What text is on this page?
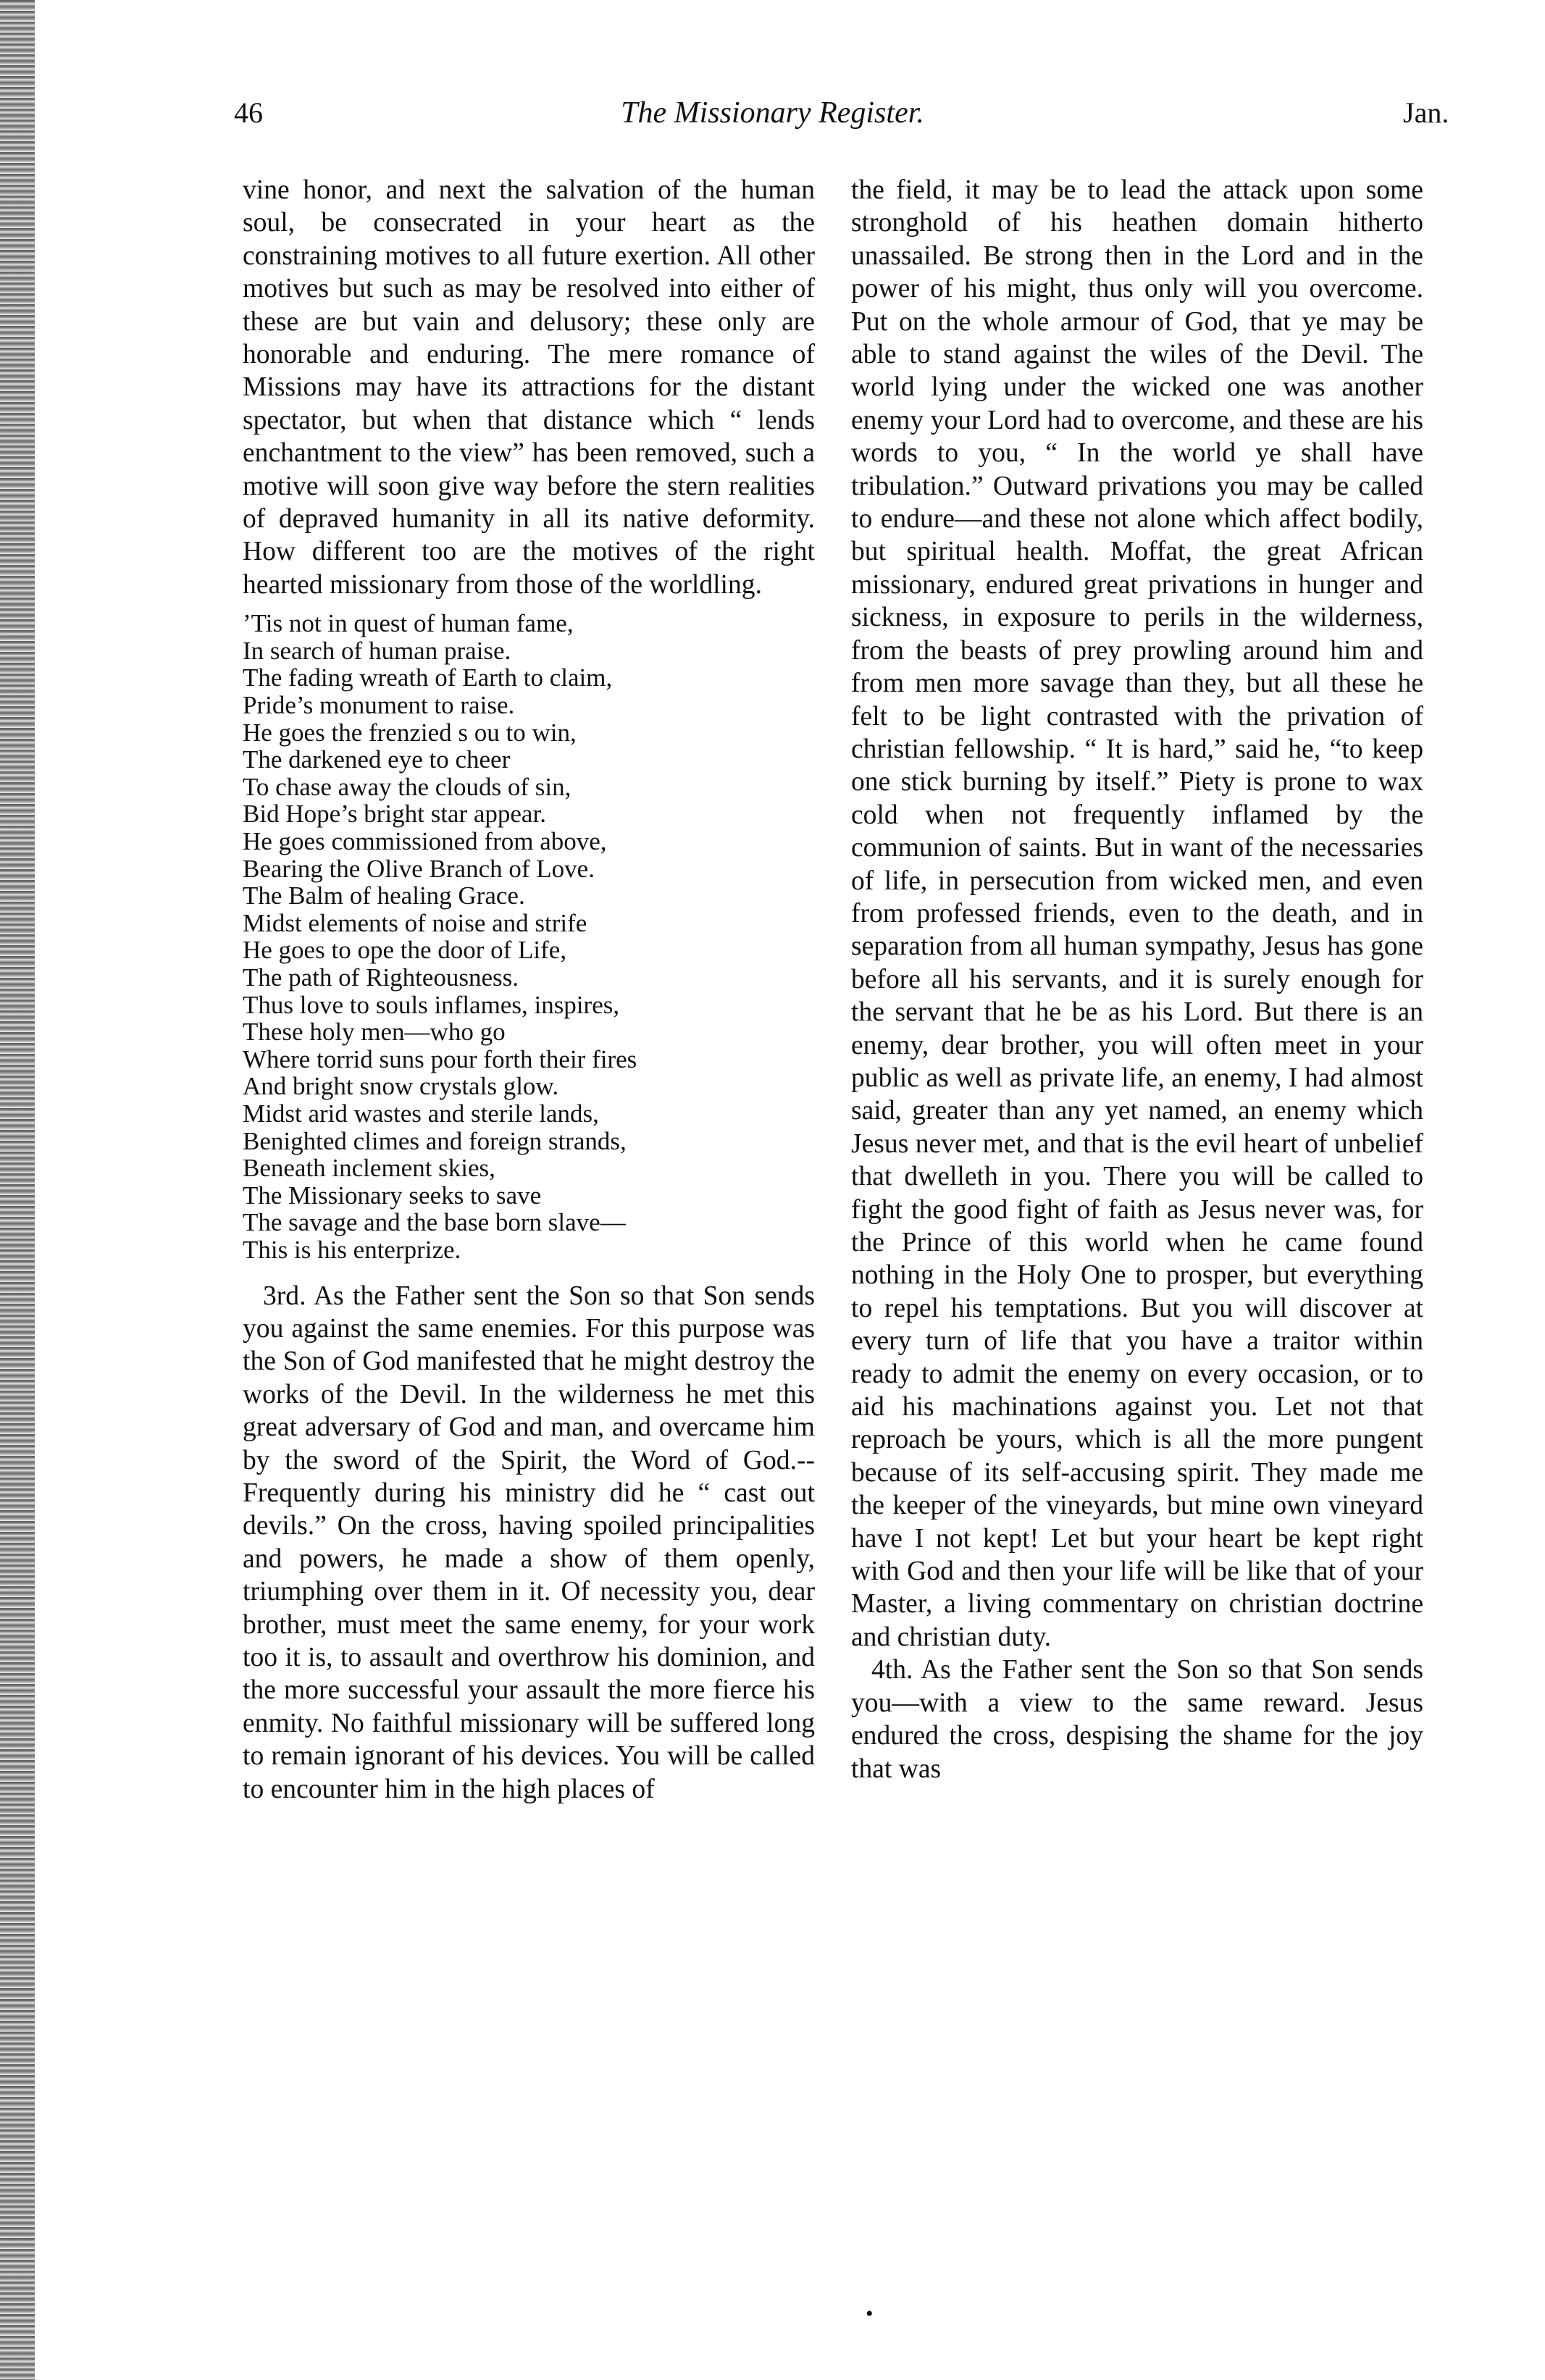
46	The Missionary Register.	Jan.

vine honor, and next the salvation of the human soul, be consecrated in your heart as the constraining motives to all future exertion. All other motives but such as may be resolved into either of these are but vain and delusory; these only are honorable and enduring. The mere romance of Missions may have its attractions for the distant spectator, but when that distance which “ lends enchantment to the view” has been removed, such a motive will soon give way before the stern realities of depraved humanity in all its native deformity. How different too are the motives of the right hearted missionary from those of the worldling.

’Tis not in quest of human fame,
In search of human praise.
The fading wreath of Earth to claim,
Pride’s monument to raise.
He goes the frenzied s ou to win,
The darkened eye to cheer
To chase away the clouds of sin,
Bid Hope’s bright star appear.
He goes commissioned from above,
Bearing the Olive Branch of Love.
The Balm of healing Grace.
Midst elements of noise and strife
He goes to ope the door of Life,
The path of Righteousness.
Thus love to souls inflames, inspires,
These holy men—who go
Where torrid suns pour forth their fires
And bright snow crystals glow.
Midst arid wastes and sterile lands,
Benighted climes and foreign strands,
Beneath inclement skies,
The Missionary seeks to save
The savage and the base born slave—
This is his enterprize.

3rd. As the Father sent the Son so that Son sends you against the same enemies. For this purpose was the Son of God manifested that he might destroy the works of the Devil. In the wilderness he met this great adversary of God and man, and overcame him by the sword of the Spirit, the Word of God.-- Frequently during his ministry did he “ cast out devils.” On the cross, having spoiled principalities and powers, he made a show of them openly, triumphing over them in it. Of necessity you, dear brother, must meet the same enemy, for your work too it is, to assault and overthrow his dominion, and the more successful your assault the more fierce his enmity. No faithful missionary will be suffered long to remain ignorant of his devices. You will be called to encounter him in the high places of

the field, it may be to lead the attack upon some stronghold of his heathen domain hitherto unassailed. Be strong then in the Lord and in the power of his might, thus only will you overcome. Put on the whole armour of God, that ye may be able to stand against the wiles of the Devil. The world lying under the wicked one was another enemy your Lord had to overcome, and these are his words to you, “ In the world ye shall have tribulation.” Outward privations you may be called to endure—and these not alone which affect bodily, but spiritual health. Moffat, the great African missionary, endured great privations in hunger and sickness, in exposure to perils in the wilderness, from the beasts of prey prowling around him and from men more savage than they, but all these he felt to be light contrasted with the privation of christian fellowship. “ It is hard,” said he, “to keep one stick burning by itself.” Piety is prone to wax cold when not frequently inflamed by the communion of saints. But in want of the necessaries of life, in persecution from wicked men, and even from professed friends, even to the death, and in separation from all human sympathy, Jesus has gone before all his servants, and it is surely enough for the servant that he be as his Lord. But there is an enemy, dear brother, you will often meet in your public as well as private life, an enemy, I had almost said, greater than any yet named, an enemy which Jesus never met, and that is the evil heart of unbelief that dwelleth in you. There you will be called to fight the good fight of faith as Jesus never was, for the Prince of this world when he came found nothing in the Holy One to prosper, but everything to repel his temptations. But you will discover at every turn of life that you have a traitor within ready to admit the enemy on every occasion, or to aid his machinations against you. Let not that reproach be yours, which is all the more pungent because of its self-accusing spirit. They made me the keeper of the vineyards, but mine own vineyard have I not kept! Let but your heart be kept right with God and then your life will be like that of your Master, a living commentary on christian doctrine and christian duty.

4th. As the Father sent the Son so that Son sends you—with a view to the same reward. Jesus endured the cross, despising the shame for the joy that was

•
